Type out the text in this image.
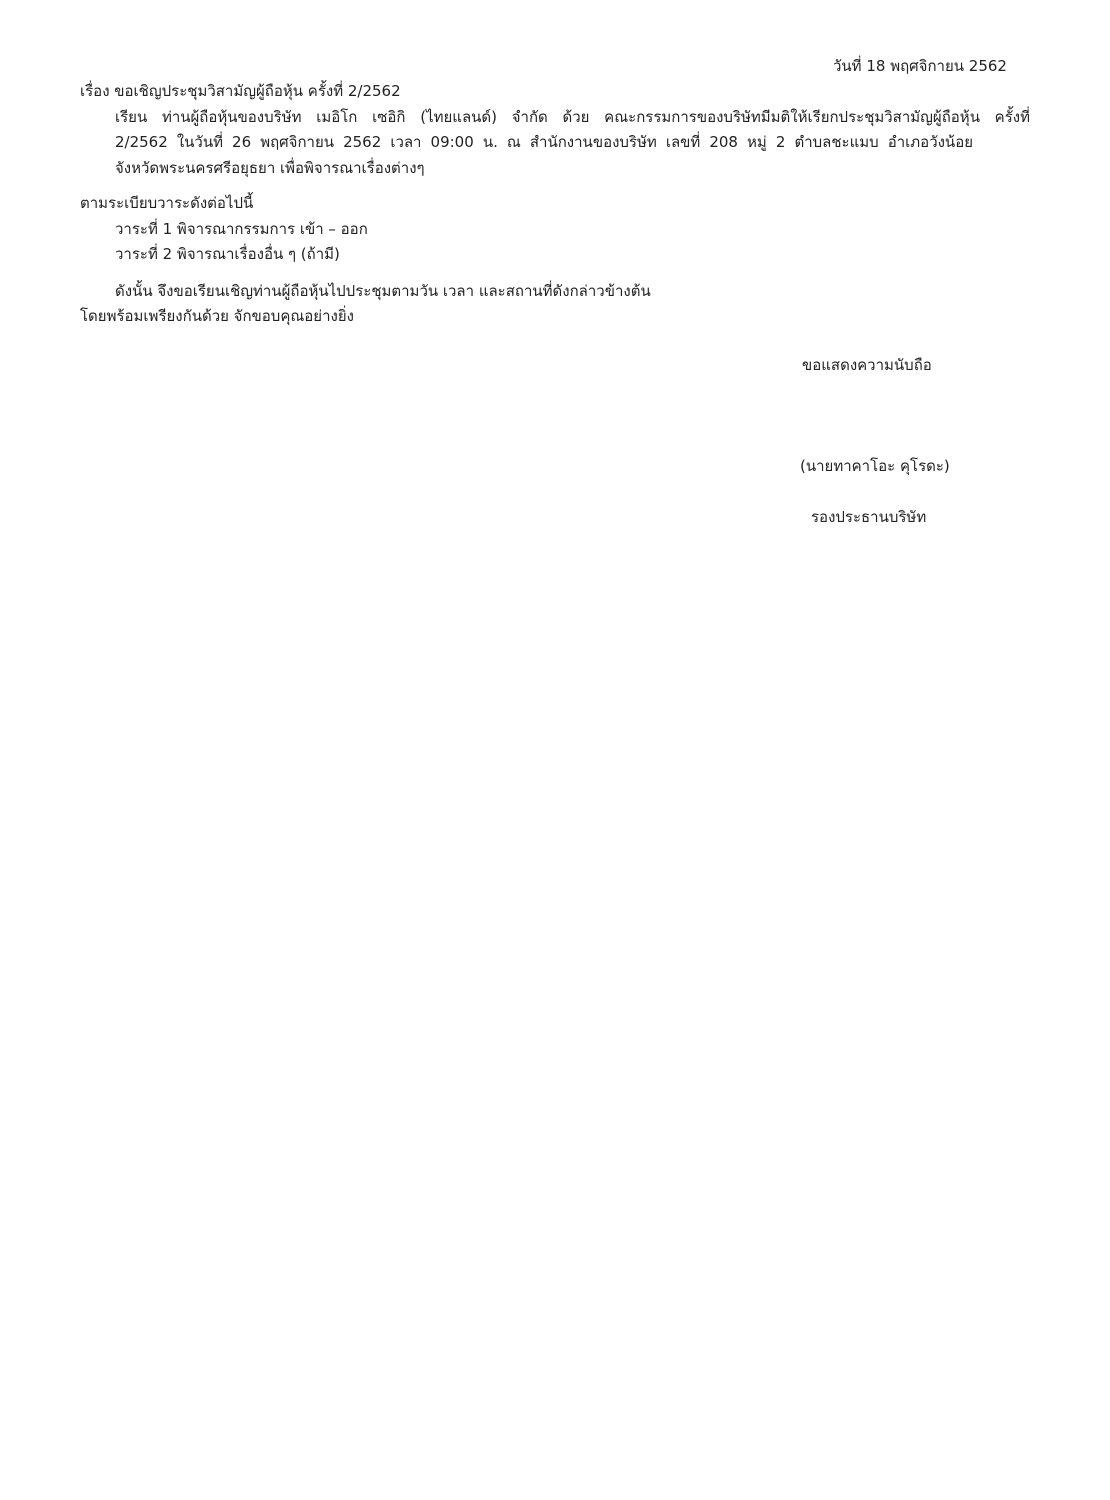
วันที่ 18 พฤศจิกายน 2562
เรื่อง ขอเชิญประชุมวิสามัญผู้ถือหุ้น ครั้งที่ 2/2562
เรียน ท่านผู้ถือหุ้นของบริษัท เมอิโก เซอิกิ (ไทยแลนด์) จำกัด ด้วย คณะกรรมการของบริษัทมีมติให้เรียกประชุมวิสามัญผู้ถือหุ้น ครั้งที่
2/2562 ในวันที่ 26 พฤศจิกายน 2562 เวลา 09:00 น. ณ สำนักงานของบริษัท เลขที่ 208 หมู่ 2 ตำบลชะแมบ อำเภอวังน้อย
จังหวัดพระนครศรีอยุธยา เพื่อพิจารณาเรื่องต่างๆ
ตามระเบียบวาระดังต่อไปนี้
วาระที่ 1 พิจารณากรรมการ เข้า – ออก
วาระที่ 2 พิจารณาเรื่องอื่น ๆ (ถ้ามี)
ดังนั้น จึงขอเรียนเชิญท่านผู้ถือหุ้นไปประชุมตามวัน เวลา และสถานที่ดังกล่าวข้างต้น
โดยพร้อมเพรียงกันด้วย จักขอบคุณอย่างยิ่ง
ขอแสดงความนับถือ
(นายทาคาโอะ คุโรดะ)
รองประธานบริษัท
